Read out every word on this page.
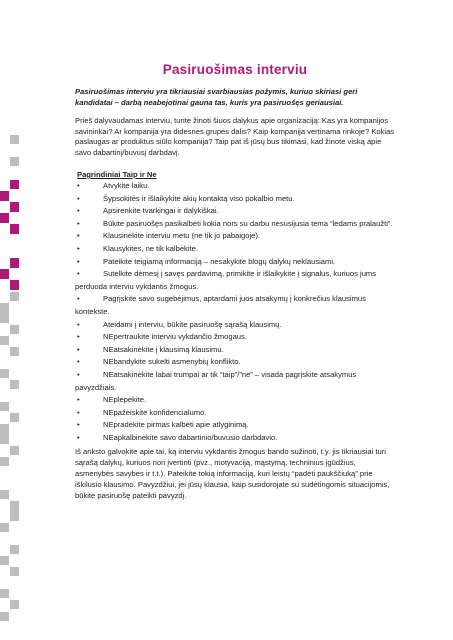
Pasiruošimas interviu
Pasiruošimas interviu yra tikriausiai svarbiausias požymis, kuriuo skiriasi geri kandidatai – darbą neabejotinai gauna tas, kuris yra pasiruošęs geriausiai.
Prieš dalyvaudamas interviu, turite žinoti šiuos dalykus apie organizaciją: Kas yra kompanijos savininkai? Ar kompanija yra didesnės grupės dalis? Kaip kompanija vertinama rinkoje? Kokias paslaugas ar produktus siūlo kompanija? Taip pat iš jūsų bus tikimasi, kad žinote viską apie savo dabartinį/buvusį darbdavį.
Pagrindiniai Taip ir Ne
•	Atvykite laiku.
•	Šypsokitės ir išlaikykite akių kontaktą viso pokalbio metu.
•	Apsirenkite tvarkingai ir dalykiškai.
•	Būkite pasiruošęs pasikalbėti kokia nors su darbu nesusijusia tema “ledams pralaužti”.
•	Klausinėkite interviu metu (ne tik jo pabaigoje).
•	Klausykitės, ne tik kalbėkite.
•	Pateikite teigiamą informaciją – nesakykite blogų dalykų neklausiami.
•	Sutelkite dėmesį į savęs pardavimą, primikite ir išlaikykite į signalus, kuriuos jums perduoda interviu vykdantis žmogus.
•	Pagrįskite savo sugebėjimus, aptardami juos atsakymų į konkrečius klausimus kontekste.
•	Ateidami į interviu, būkite pasiruošę sąrašą klausimų.
•	NEpertraukite interviu vykdančio žmogaus.
•	NEatsakinėkite į klausimą klausimu.
•	NEbandykite sukelti asmenybių konflikto.
•	NEatsakinėkite labai trumpai ar tik “taip”/”ne” – visada pagrįskite atsakymus pavyzdžiais.
•	NEplepėkite.
•	NEpažeiskite konfidencialumo.
•	NEpradėkite pirmas kalbėti apie atlyginimą.
•	NEapkalbinėkite savo dabartinio/buvusio darbdavio.
Iš anksto galvokite apie tai, ką interviu vykdantis žmogus bando sužinoti, t.y. jis tikriausiai turi sąrašą dalykų, kuriuos nori įvertinti (pvz., motyvaciją, mąstymą, techninius įgūdžius, asmenybės savybes ir t.t.). Pateikite tokią informaciją, kuri leistų “padėti paukščiuką” prie iškilusio klausimo. Pavyzdžiui, jei jūsų klausia, kaip susidorojate su sudėtingomis situacijomis, būkite pasiruošę pateikti pavyzdį.
